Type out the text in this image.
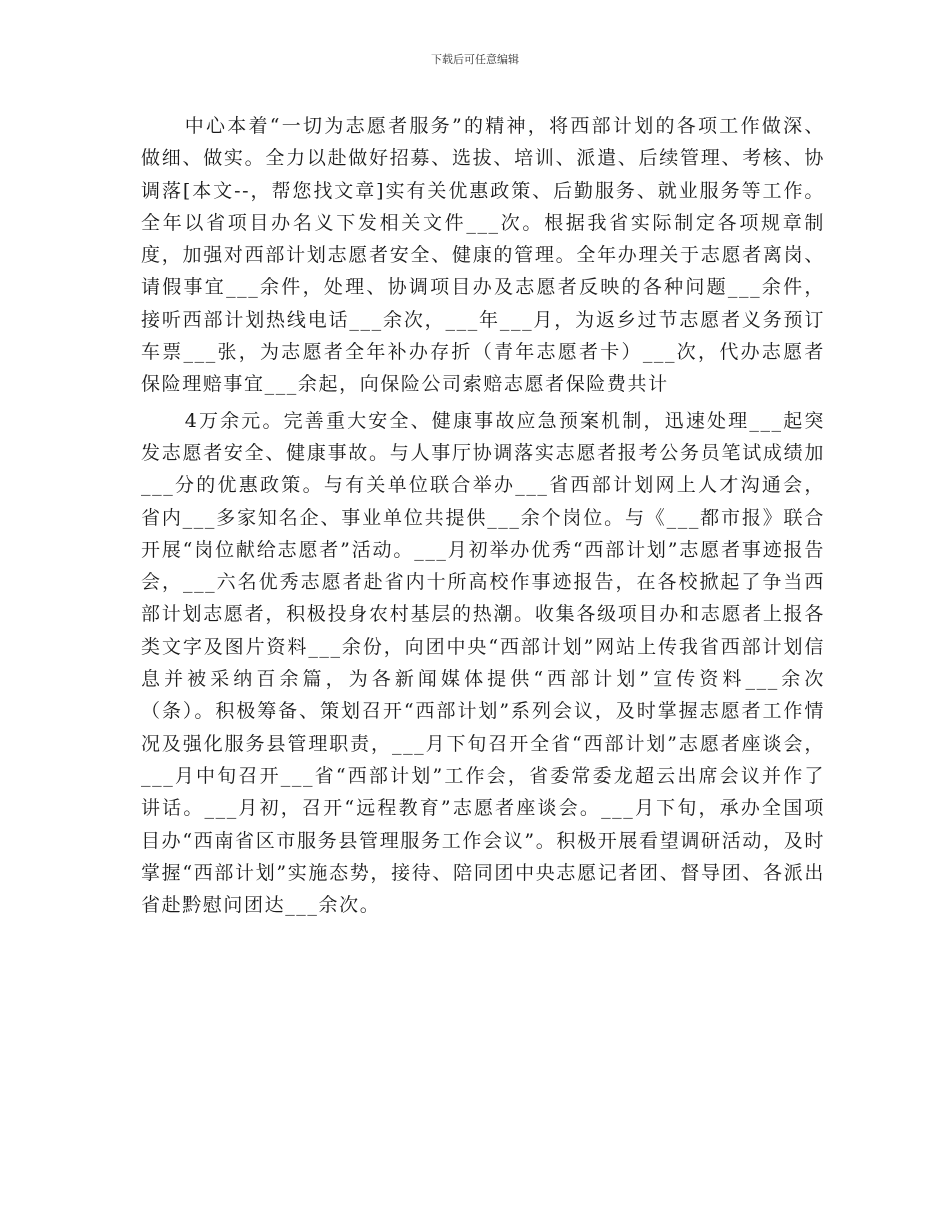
下载后可任意编辑

中心本着“一切为志愿者服务”的精神，将西部计划的各项工作做深、做细、做实。全力以赴做好招募、选拔、培训、派遣、后续管理、考核、协调落[本文--，帮您找文章]实有关优惠政策、后勤服务、就业服务等工作。全年以省项目办名义下发相关文件___次。根据我省实际制定各项规章制度，加强对西部计划志愿者安全、健康的管理。全年办理关于志愿者离岗、请假事宜___余件，处理、协调项目办及志愿者反映的各种问题___余件，接听西部计划热线电话___余次，___年___月，为返乡过节志愿者义务预订车票___张，为志愿者全年补办存折（青年志愿者卡）___次，代办志愿者保险理赔事宜___余起，向保险公司索赔志愿者保险费共计

4万余元。完善重大安全、健康事故应急预案机制，迅速处理___起突发志愿者安全、健康事故。与人事厅协调落实志愿者报考公务员笔试成绩加___分的优惠政策。与有关单位联合举办___省西部计划网上人才沟通会，省内___多家知名企、事业单位共提供___余个岗位。与《___都市报》联合开展“岗位献给志愿者”活动。___月初举办优秀“西部计划”志愿者事迹报告会，___六名优秀志愿者赴省内十所高校作事迹报告，在各校掀起了争当西部计划志愿者，积极投身农村基层的热潮。收集各级项目办和志愿者上报各类文字及图片资料___余份，向团中央“西部计划”网站上传我省西部计划信息并被采纳百余篇，为各新闻媒体提供“西部计划”宣传资料___余次（条）。积极筹备、策划召开“西部计划”系列会议，及时掌握志愿者工作情况及强化服务县管理职责，___月下旬召开全省“西部计划”志愿者座谈会，___月中旬召开___省“西部计划”工作会，省委常委龙超云出席会议并作了讲话。___月初，召开“远程教育”志愿者座谈会。___月下旬，承办全国项目办“西南省区市服务县管理服务工作会议”。积极开展看望调研活动，及时掌握“西部计划”实施态势，接待、陪同团中央志愿记者团、督导团、各派出省赴黔慰问团达___余次。
